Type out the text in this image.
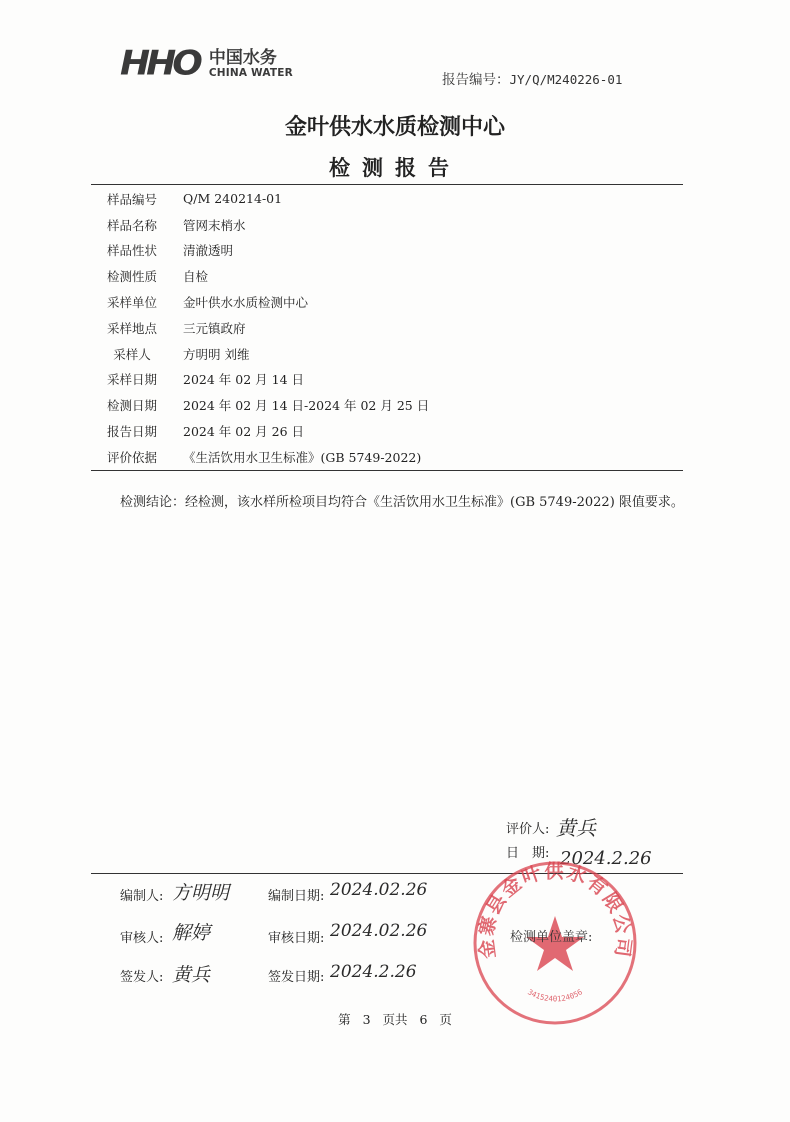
HHO 中国水务
CHINA WATER	报告编号：JY/Q/M240226-01
金叶供水水质检测中心
检测报告
样品编号	Q/M 240214-01
样品名称	管网末梢水
样品性状	清澈透明
检测性质	自检
采样单位	金叶供水水质检测中心
采样地点	三元镇政府
采样人	方明明 刘维
采样日期	2024 年 02 月 14 日
检测日期	2024 年 02 月 14 日-2024 年 02 月 25 日
报告日期	2024 年 02 月 26 日
评价依据	《生活饮用水卫生标准》(GB 5749-2022)
检测结论：经检测，该水样所检项目均符合《生活饮用水卫生标准》(GB 5749-2022) 限值要求。
评价人: 黄兵
日　期: 2024.2.26
金寨县金叶供水有限公司
3415240124056
编制人: 方明明	编制日期: 2024.02.26
审核人: 解婷	审核日期: 2024.02.26	检测单位盖章:
签发人: 黄兵	签发日期: 2024.2.26
第 3 页共 6 页
